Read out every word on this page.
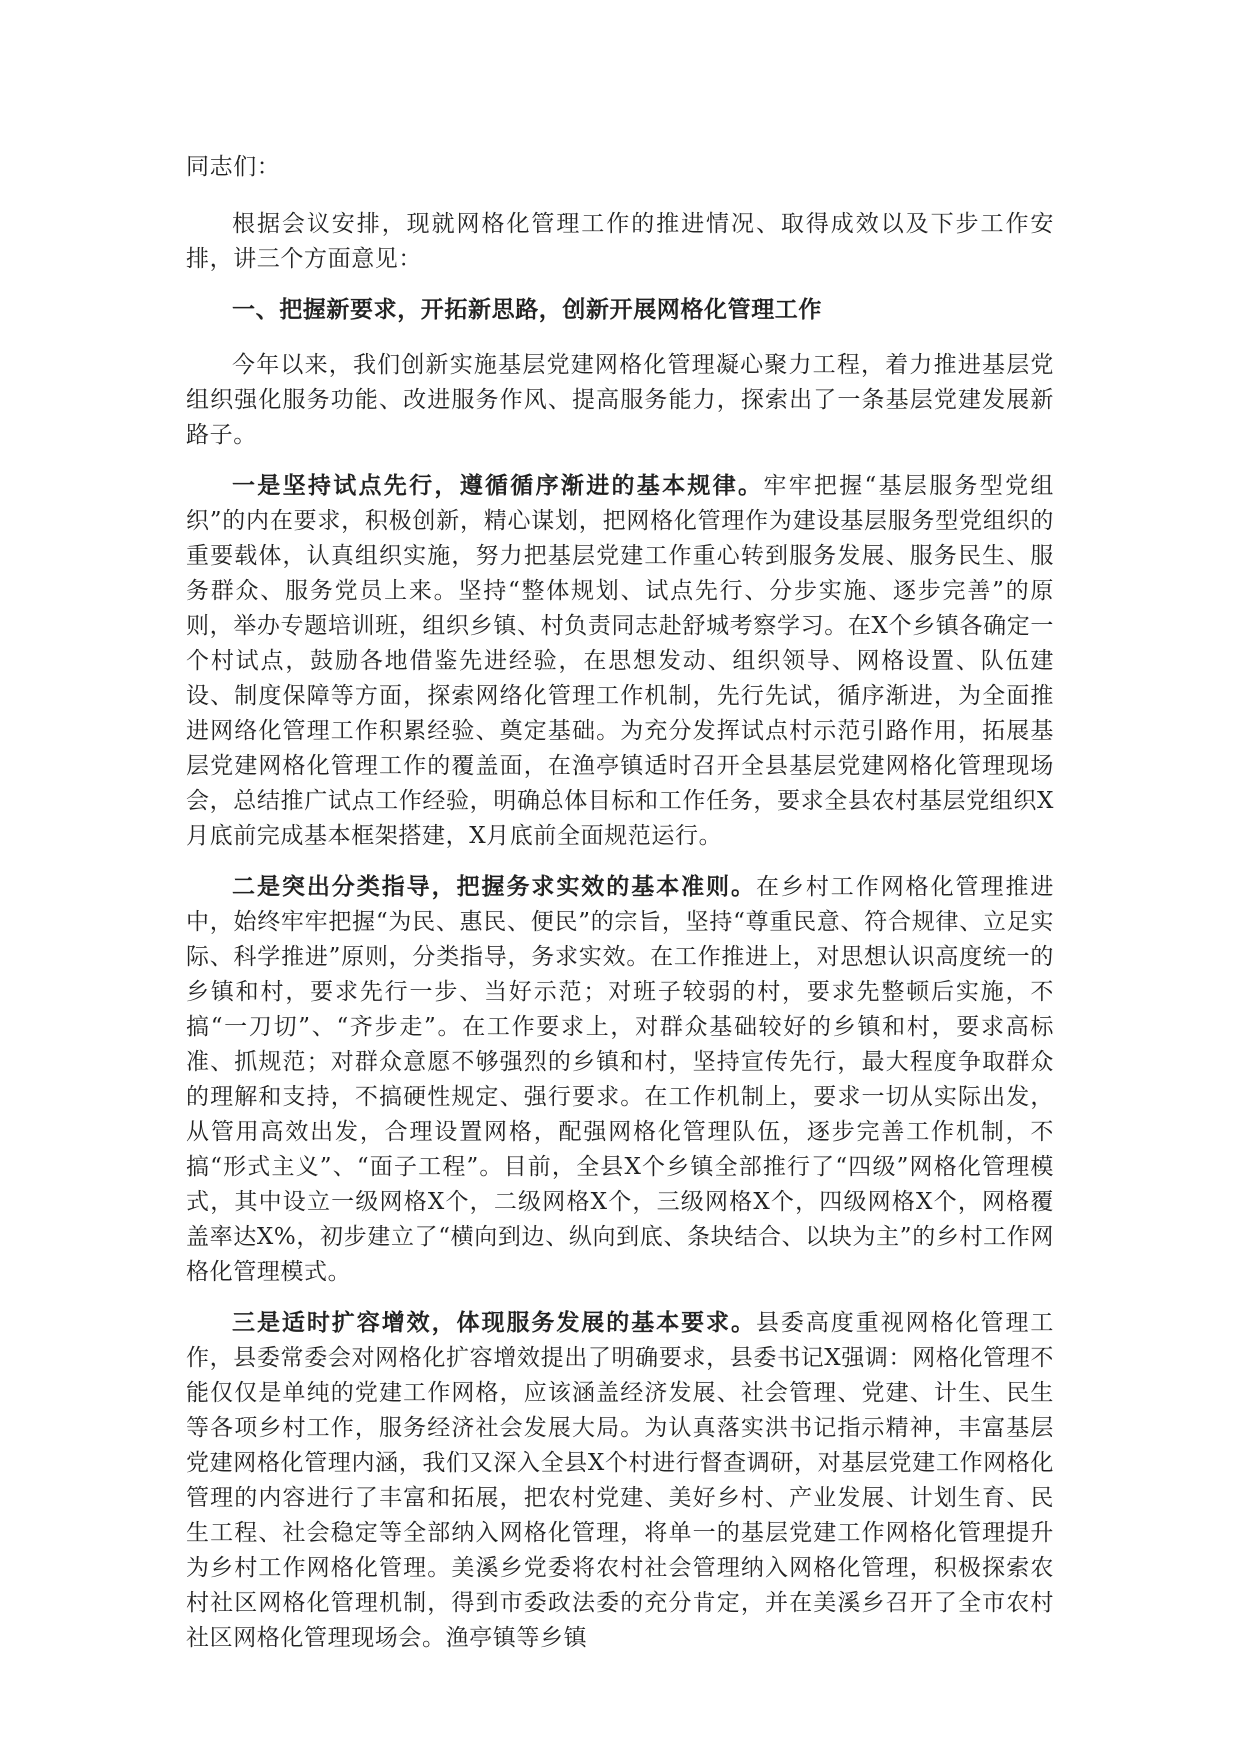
同志们：

根据会议安排，现就网格化管理工作的推进情况、取得成效以及下步工作安排，讲三个方面意见：

一、把握新要求，开拓新思路，创新开展网格化管理工作

今年以来，我们创新实施基层党建网格化管理凝心聚力工程，着力推进基层党组织强化服务功能、改进服务作风、提高服务能力，探索出了一条基层党建发展新路子。

一是坚持试点先行，遵循循序渐进的基本规律。牢牢把握“基层服务型党组织”的内在要求，积极创新，精心谋划，把网格化管理作为建设基层服务型党组织的重要载体，认真组织实施，努力把基层党建工作重心转到服务发展、服务民生、服务群众、服务党员上来。坚持“整体规划、试点先行、分步实施、逐步完善”的原则，举办专题培训班，组织乡镇、村负责同志赴舒城考察学习。在X个乡镇各确定一个村试点，鼓励各地借鉴先进经验，在思想发动、组织领导、网格设置、队伍建设、制度保障等方面，探索网络化管理工作机制，先行先试，循序渐进，为全面推进网络化管理工作积累经验、奠定基础。为充分发挥试点村示范引路作用，拓展基层党建网格化管理工作的覆盖面，在渔亭镇适时召开全县基层党建网格化管理现场会，总结推广试点工作经验，明确总体目标和工作任务，要求全县农村基层党组织X月底前完成基本框架搭建，X月底前全面规范运行。

二是突出分类指导，把握务求实效的基本准则。在乡村工作网格化管理推进中，始终牢牢把握“为民、惠民、便民”的宗旨，坚持“尊重民意、符合规律、立足实际、科学推进”原则，分类指导，务求实效。在工作推进上，对思想认识高度统一的乡镇和村，要求先行一步、当好示范；对班子较弱的村，要求先整顿后实施，不搞“一刀切”、“齐步走”。在工作要求上，对群众基础较好的乡镇和村，要求高标准、抓规范；对群众意愿不够强烈的乡镇和村，坚持宣传先行，最大程度争取群众的理解和支持，不搞硬性规定、强行要求。在工作机制上，要求一切从实际出发，从管用高效出发，合理设置网格，配强网格化管理队伍，逐步完善工作机制，不搞“形式主义”、“面子工程”。目前，全县X个乡镇全部推行了“四级”网格化管理模式，其中设立一级网格X个，二级网格X个，三级网格X个，四级网格X个，网格覆盖率达X%，初步建立了“横向到边、纵向到底、条块结合、以块为主”的乡村工作网格化管理模式。

三是适时扩容增效，体现服务发展的基本要求。县委高度重视网格化管理工作，县委常委会对网格化扩容增效提出了明确要求，县委书记X强调：网格化管理不能仅仅是单纯的党建工作网格，应该涵盖经济发展、社会管理、党建、计生、民生等各项乡村工作，服务经济社会发展大局。为认真落实洪书记指示精神，丰富基层党建网格化管理内涵，我们又深入全县X个村进行督查调研，对基层党建工作网格化管理的内容进行了丰富和拓展，把农村党建、美好乡村、产业发展、计划生育、民生工程、社会稳定等全部纳入网格化管理，将单一的基层党建工作网格化管理提升为乡村工作网格化管理。美溪乡党委将农村社会管理纳入网格化管理，积极探索农村社区网格化管理机制，得到市委政法委的充分肯定，并在美溪乡召开了全市农村社区网格化管理现场会。渔亭镇等乡镇
